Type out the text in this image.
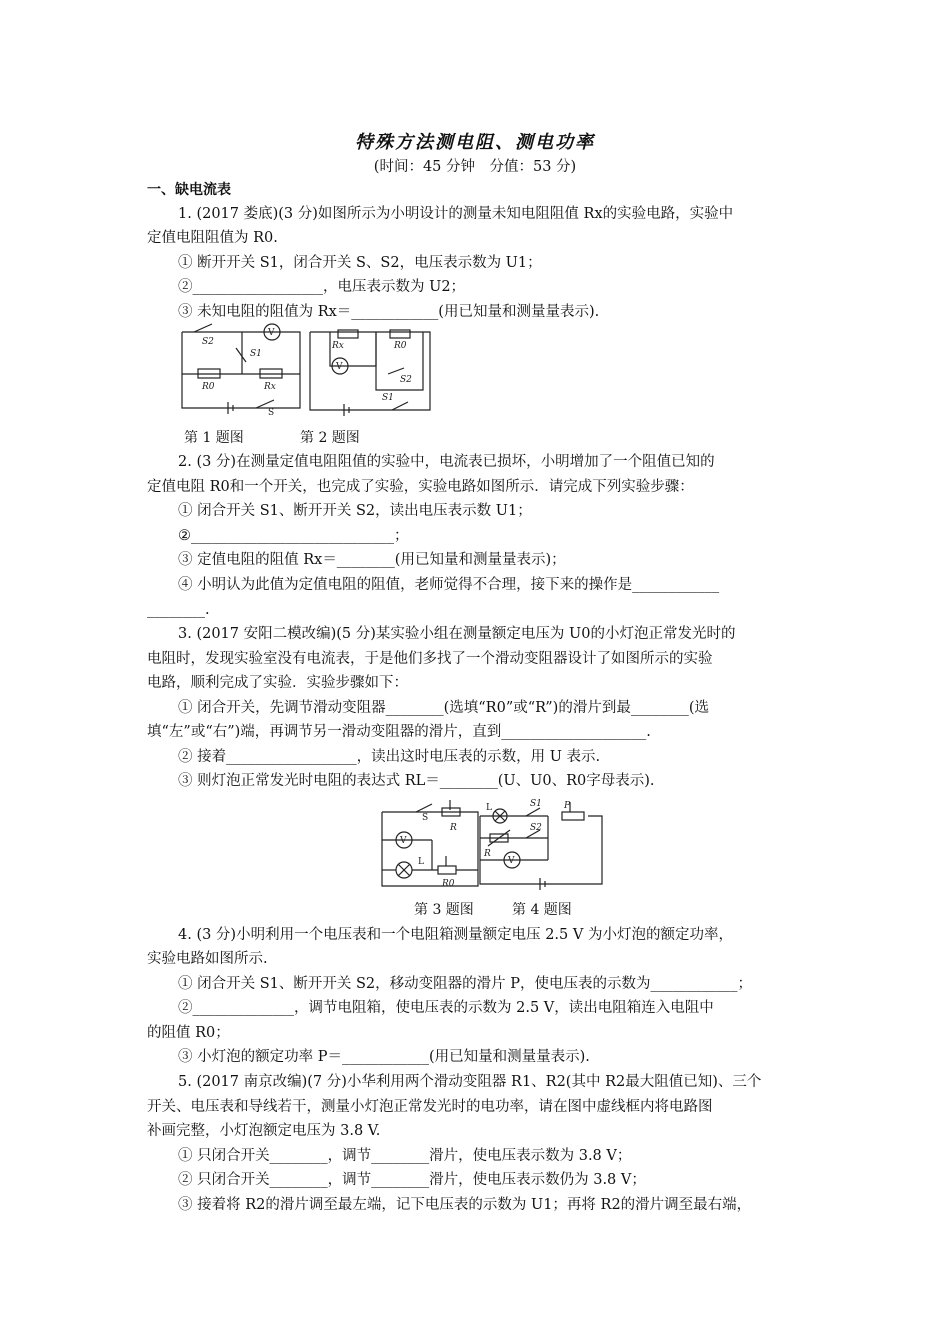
特殊方法测电阻、测电功率
(时间：45 分钟　分值：53 分)
一、缺电流表
1. (2017 娄底)(3 分)如图所示为小明设计的测量未知电阻阻值 Rx的实验电路，实验中
定值电阻阻值为 R0.
① 断开开关 S1，闭合开关 S、S2，电压表示数为 U1；
②__________________，电压表示数为 U2；
③ 未知电阻的阻值为 Rx＝____________(用已知量和测量量表示).
V
S2
S1
R0	Rx
S
V
Rx	R0
S2
S1
第 1 题图	第 2 题图
2. (3 分)在测量定值电阻阻值的实验中，电流表已损坏，小明增加了一个阻值已知的
定值电阻 R0和一个开关，也完成了实验，实验电路如图所示．请完成下列实验步骤：
① 闭合开关 S1、断开开关 S2，读出电压表示数 U1；
②____________________________；
③ 定值电阻的阻值 Rx＝________(用已知量和测量量表示)；
④ 小明认为此值为定值电阻的阻值，老师觉得不合理，接下来的操作是____________
________.
3. (2017 安阳二模改编)(5 分)某实验小组在测量额定电压为 U0的小灯泡正常发光时的
电阻时，发现实验室没有电流表，于是他们多找了一个滑动变阻器设计了如图所示的实验
电路，顺利完成了实验．实验步骤如下：
① 闭合开关，先调节滑动变阻器________(选填“R0”或“R”)的滑片到最________(选
填“左”或“右”)端，再调节另一滑动变阻器的滑片，直到____________________.
② 接着__________________，读出这时电压表的示数，用 U 表示.
③ 则灯泡正常发光时电阻的表达式 RL＝________(U、U0、R0字母表示).
V
S
R
L
R0
V
L	S1
S2
P
R
第 3 题图	第 4 题图
4. (3 分)小明利用一个电压表和一个电阻箱测量额定电压 2.5 V 为小灯泡的额定功率，
实验电路如图所示.
① 闭合开关 S1、断开开关 S2，移动变阻器的滑片 P，使电压表的示数为____________；
②______________，调节电阻箱，使电压表的示数为 2.5 V，读出电阻箱连入电阻中
的阻值 R0；
③ 小灯泡的额定功率 P＝____________(用已知量和测量量表示).
5. (2017 南京改编)(7 分)小华利用两个滑动变阻器 R1、R2(其中 R2最大阻值已知)、三个
开关、电压表和导线若干，测量小灯泡正常发光时的电功率，请在图中虚线框内将电路图
补画完整，小灯泡额定电压为 3.8 V.
① 只闭合开关________，调节________滑片，使电压表示数为 3.8 V；
② 只闭合开关________，调节________滑片，使电压表示数仍为 3.8 V；
③ 接着将 R2的滑片调至最左端，记下电压表的示数为 U1；再将 R2的滑片调至最右端，
